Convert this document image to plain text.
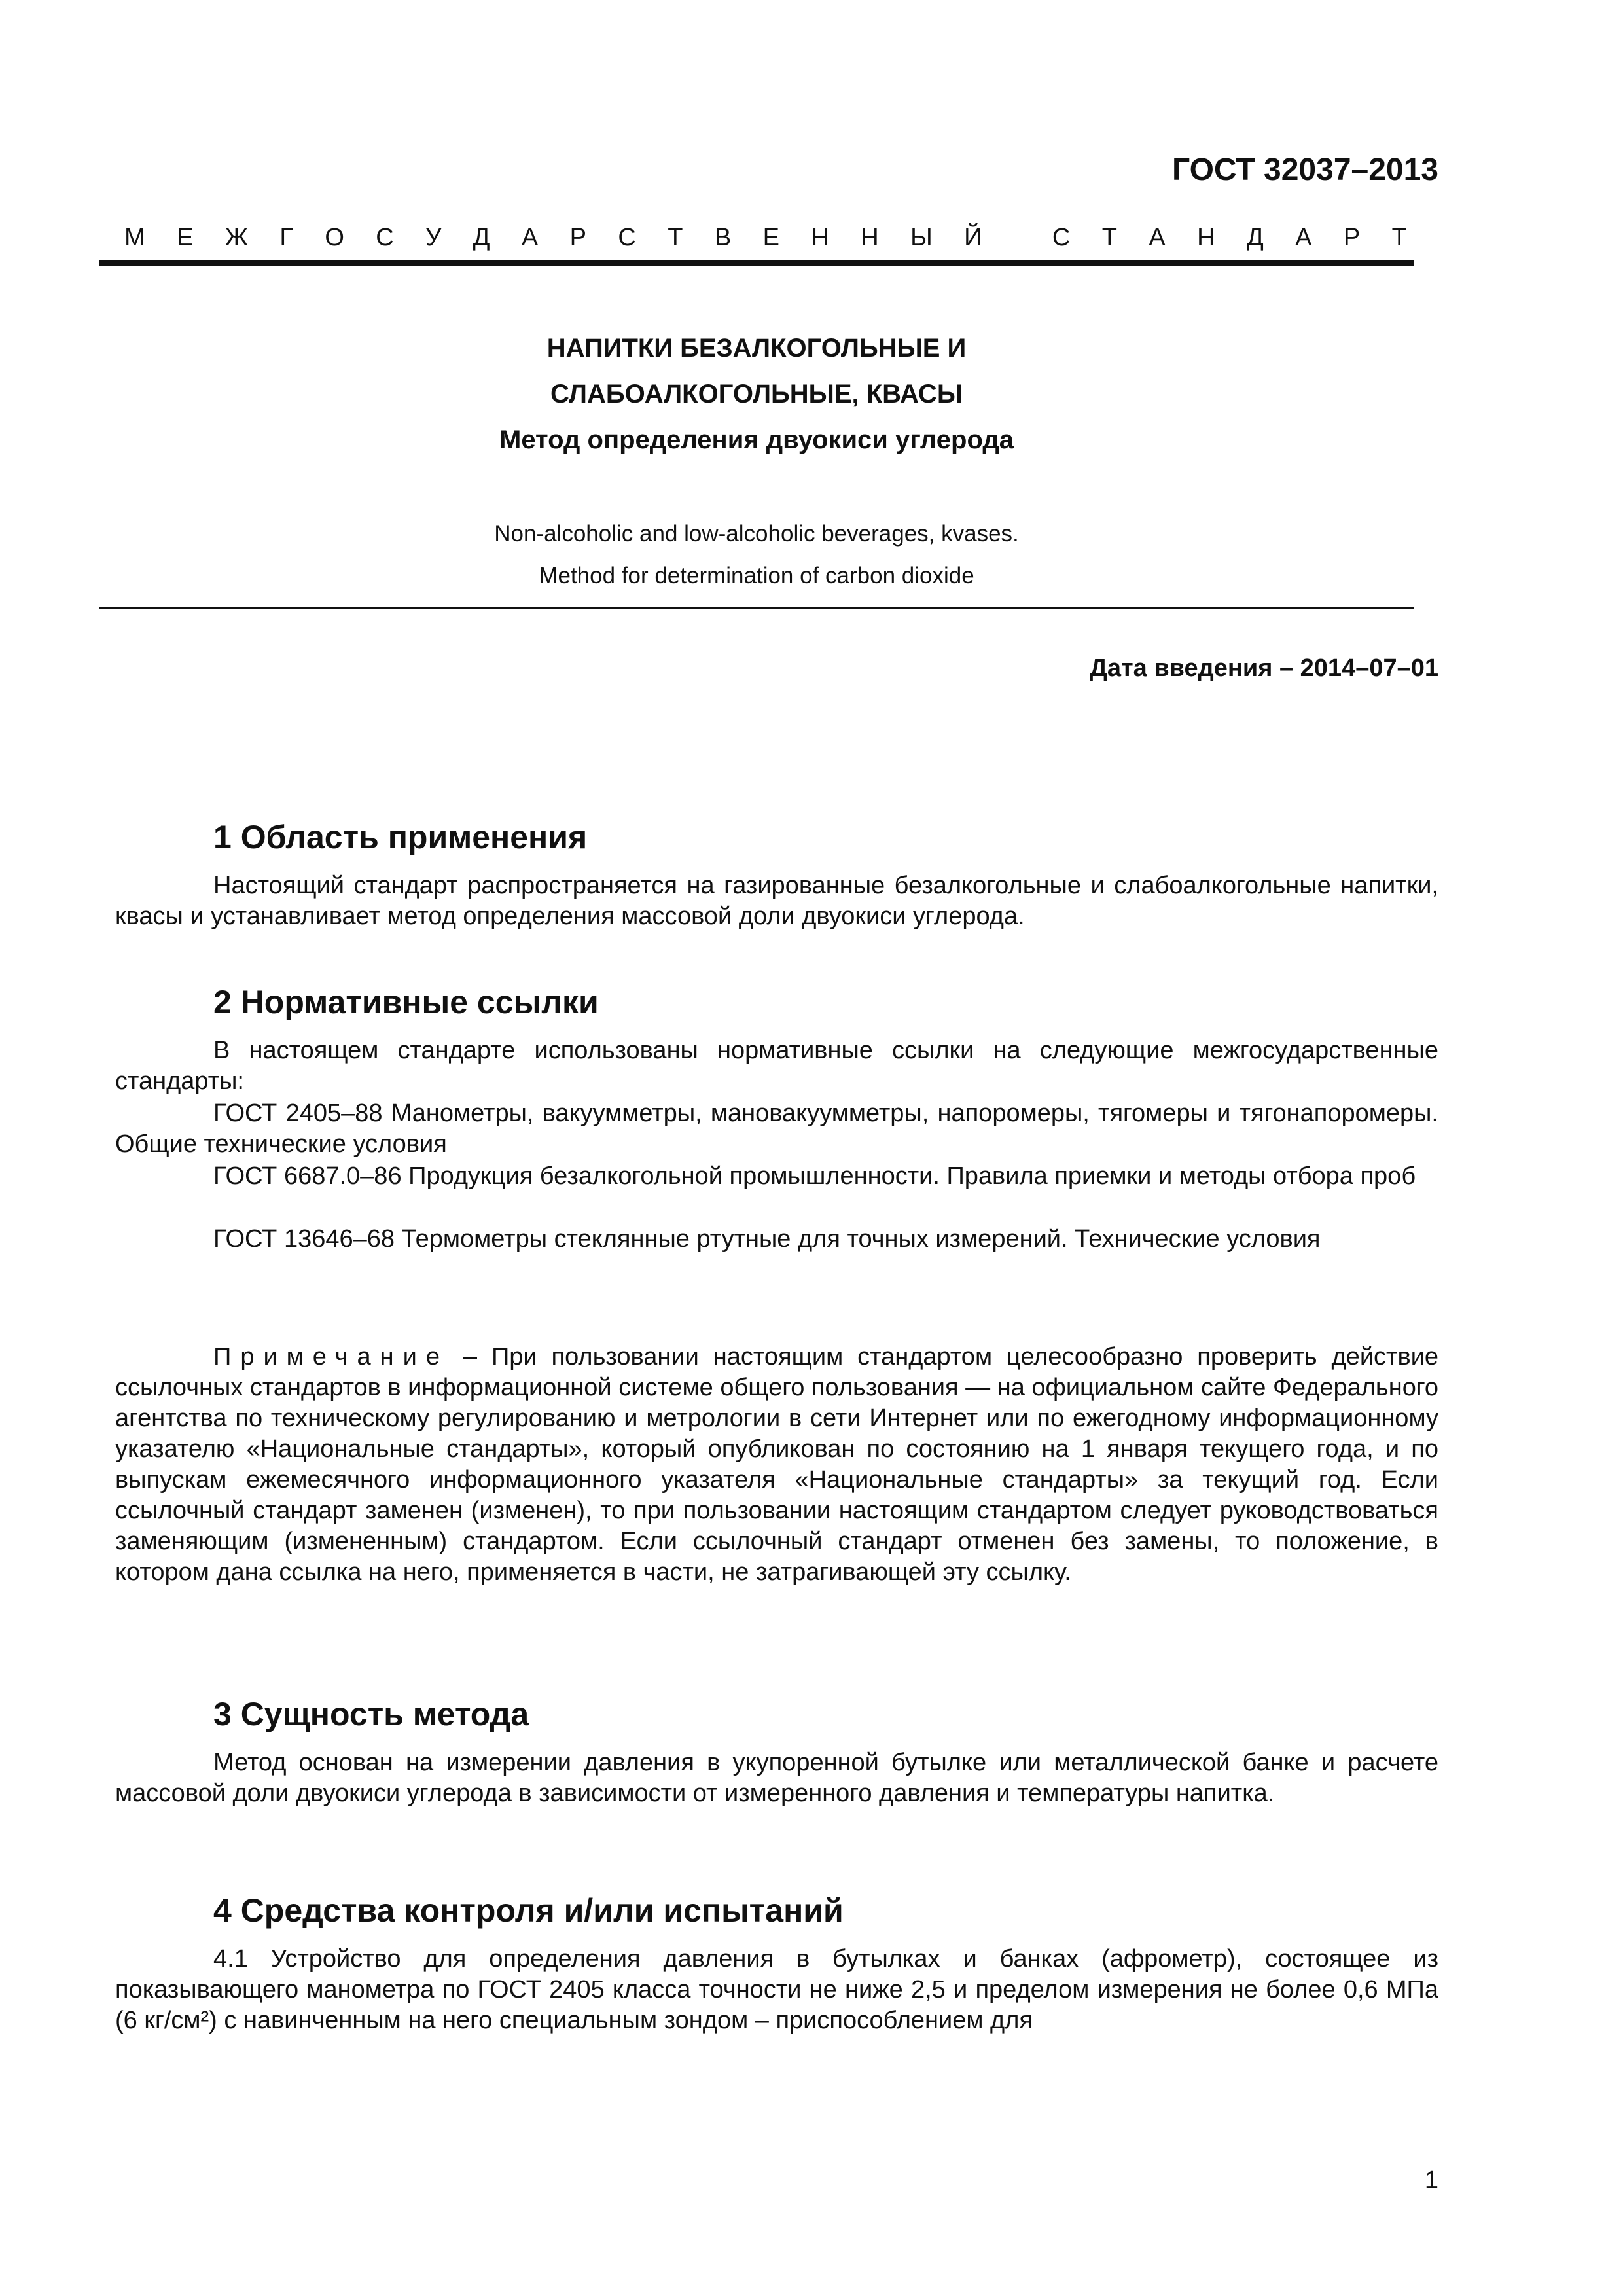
ГОСТ 32037–2013
М Е Ж Г О С У Д А Р С Т В Е Н Н Ы Й
	С Т А Н Д А Р Т
НАПИТКИ БЕЗАЛКОГОЛЬНЫЕ И
СЛАБОАЛКОГОЛЬНЫЕ, КВАСЫ
Метод определения двуокиси углерода
Non-alcoholic and low-alcoholic beverages, kvases.
Method for determination of carbon dioxide
Дата введения – 2014–07–01
1 Область применения

Настоящий стандарт распространяется на газированные безалкогольные и слабоалкогольные напитки, квасы и устанавливает метод определения массовой доли двуокиси углерода.

2 Нормативные ссылки

В настоящем стандарте использованы нормативные ссылки на следующие межгосударственные стандарты:

ГОСТ 2405–88 Манометры, вакуумметры, мановакуумметры, напоромеры, тягомеры и тягонапоромеры. Общие технические условия

ГОСТ 6687.0–86 Продукция безалкогольной промышленности. Правила приемки и методы отбора проб

ГОСТ 13646–68 Термометры стеклянные ртутные для точных измерений. Технические условия

Примечание – При пользовании настоящим стандартом целесообразно проверить действие ссылочных стандартов в информационной системе общего пользования — на официальном сайте Федерального агентства по техническому регулированию и метрологии в сети Интернет или по ежегодному информационному указателю «Национальные стандарты», который опубликован по состоянию на 1 января текущего года, и по выпускам ежемесячного информационного указателя «Национальные стандарты» за текущий год. Если ссылочный стандарт заменен (изменен), то при пользовании настоящим стандартом следует руководствоваться заменяющим (измененным) стандартом. Если ссылочный стандарт отменен без замены, то положение, в котором дана ссылка на него, применяется в части, не затрагивающей эту ссылку.

3 Сущность метода

Метод основан на измерении давления в укупоренной бутылке или металлической банке и расчете массовой доли двуокиси углерода в зависимости от измеренного давления и температуры напитка.

4 Средства контроля и/или испытаний

4.1 Устройство для определения давления в бутылках и банках (афрометр), состоящее из показывающего манометра по ГОСТ 2405 класса точности не ниже 2,5 и пределом измерения не более 0,6 МПа (6 кг/см²) с навинченным на него специальным зондом – приспособлением для

1
